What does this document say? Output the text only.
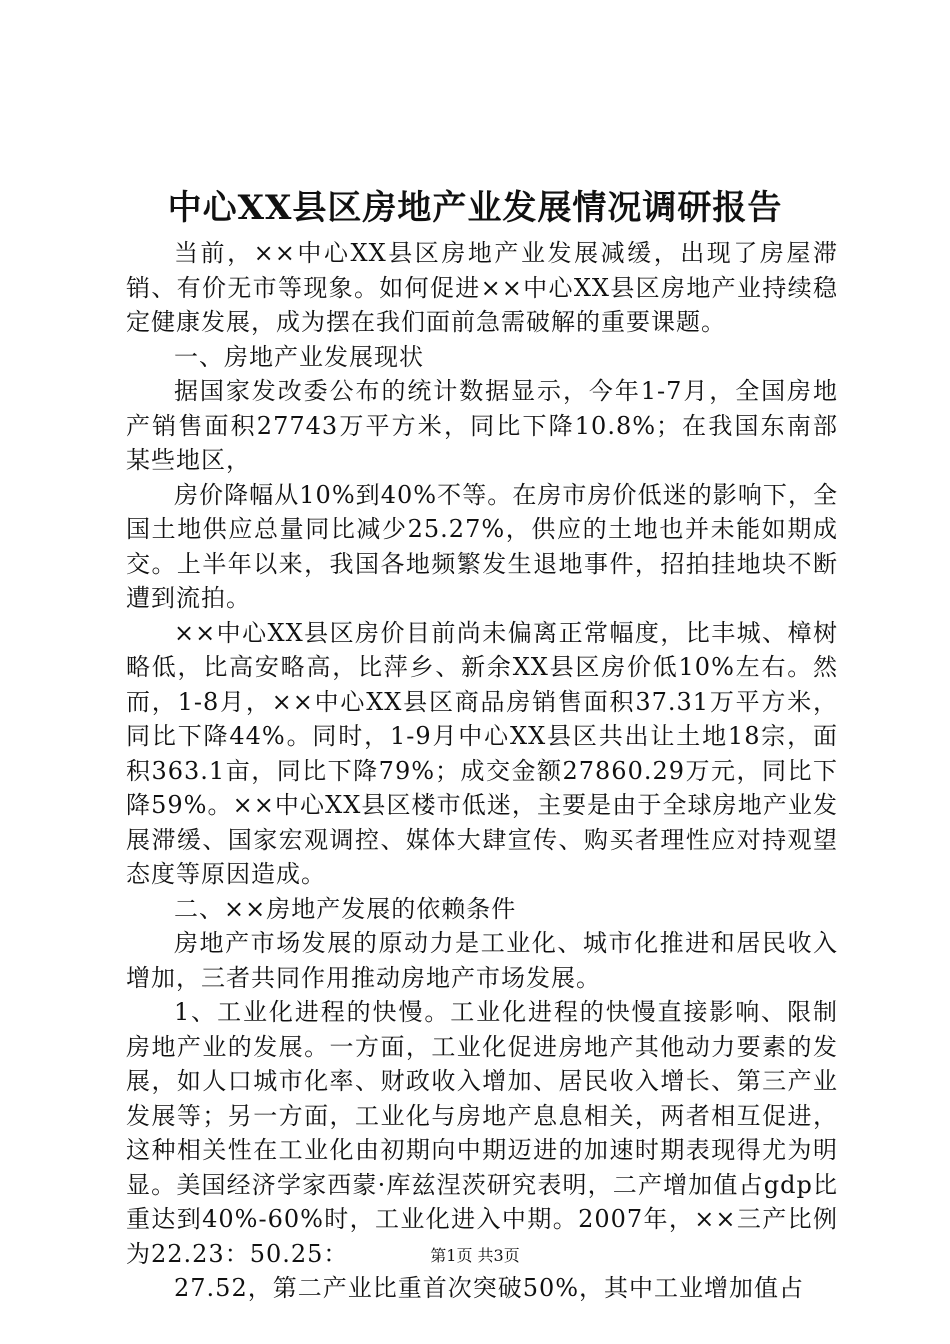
中心XX县区房地产业发展情况调研报告

当前，××中心XX县区房地产业发展减缓，出现了房屋滞销、有价无市等现象。如何促进××中心XX县区房地产业持续稳定健康发展，成为摆在我们面前急需破解的重要课题。

一、房地产业发展现状

据国家发改委公布的统计数据显示，今年1-7月，全国房地产销售面积27743万平方米，同比下降10.8%；在我国东南部某些地区，

房价降幅从10%到40%不等。在房市房价低迷的影响下，全国土地供应总量同比减少25.27%，供应的土地也并未能如期成交。上半年以来，我国各地频繁发生退地事件，招拍挂地块不断遭到流拍。

××中心XX县区房价目前尚未偏离正常幅度，比丰城、樟树略低，比高安略高，比萍乡、新余XX县区房价低10%左右。然而，1-8月，××中心XX县区商品房销售面积37.31万平方米，同比下降44%。同时，1-9月中心XX县区共出让土地18宗，面积363.1亩，同比下降79%；成交金额27860.29万元，同比下降59%。××中心XX县区楼市低迷，主要是由于全球房地产业发展滞缓、国家宏观调控、媒体大肆宣传、购买者理性应对持观望态度等原因造成。

二、××房地产发展的依赖条件

房地产市场发展的原动力是工业化、城市化推进和居民收入增加，三者共同作用推动房地产市场发展。

1、工业化进程的快慢。工业化进程的快慢直接影响、限制房地产业的发展。一方面，工业化促进房地产其他动力要素的发展，如人口城市化率、财政收入增加、居民收入增长、第三产业发展等；另一方面，工业化与房地产息息相关，两者相互促进，这种相关性在工业化由初期向中期迈进的加速时期表现得尤为明显。美国经济学家西蒙·库兹涅茨研究表明，二产增加值占gdp比重达到40%-60%时，工业化进入中期。2007年，××三产比例为22.23：50.25：

27.52，第二产业比重首次突破50%，其中工业增加值占

第1页 共3页
